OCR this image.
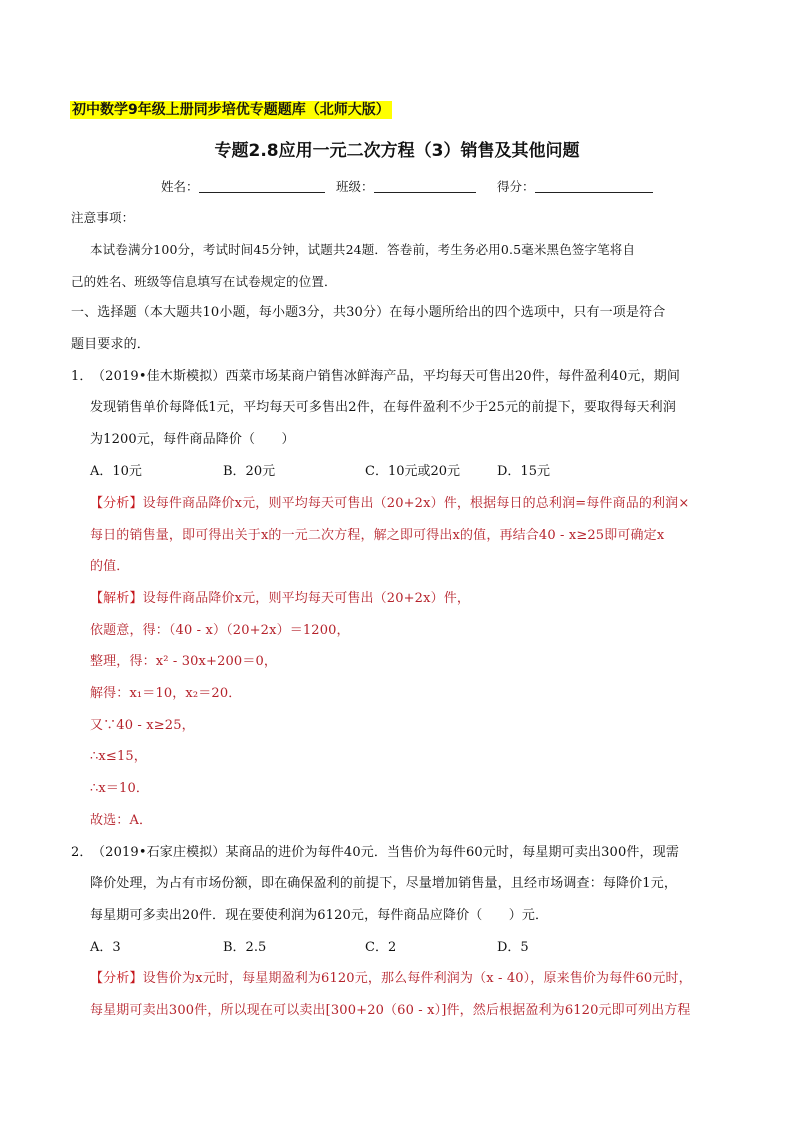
初中数学9年级上册同步培优专题题库（北师大版）
专题2.8应用一元二次方程（3）销售及其他问题
姓名：	班级：	得分：
注意事项：
本试卷满分100分，考试时间45分钟，试题共24题．答卷前，考生务必用0.5毫米黑色签字笔将自
己的姓名、班级等信息填写在试卷规定的位置．
一、选择题（本大题共10小题，每小题3分，共30分）在每小题所给出的四个选项中，只有一项是符合
题目要求的．
1． （2019•佳木斯模拟）西菜市场某商户销售冰鲜海产品，平均每天可售出20件，每件盈利40元，期间
发现销售单价每降低1元，平均每天可多售出2件，在每件盈利不少于25元的前提下，要取得每天利润
为1200元，每件商品降价（　　）
A．10元	B．20元	C．10元或20元	D．15元
【分析】设每件商品降价x元，则平均每天可售出（20+2x）件，根据每日的总利润=每件商品的利润×
每日的销售量，即可得出关于x的一元二次方程，解之即可得出x的值，再结合40 - x≥25即可确定x
的值．
【解析】设每件商品降价x元，则平均每天可售出（20+2x）件，
依题意，得：（40 - x）（20+2x）＝1200，
整理，得：x² - 30x+200＝0，
解得：x₁＝10，x₂＝20．
又∵40 - x≥25，
∴x≤15，
∴x＝10．
故选：A．
2． （2019•石家庄模拟）某商品的进价为每件40元．当售价为每件60元时，每星期可卖出300件，现需
降价处理，为占有市场份额，即在确保盈利的前提下，尽量增加销售量，且经市场调查：每降价1元，
每星期可多卖出20件．现在要使利润为6120元，每件商品应降价（　　）元．
A．3	B．2.5	C．2	D．5
【分析】设售价为x元时，每星期盈利为6120元，那么每件利润为（x - 40），原来售价为每件60元时，
每星期可卖出300件，所以现在可以卖出[300+20（60 - x）]件，然后根据盈利为6120元即可列出方程
